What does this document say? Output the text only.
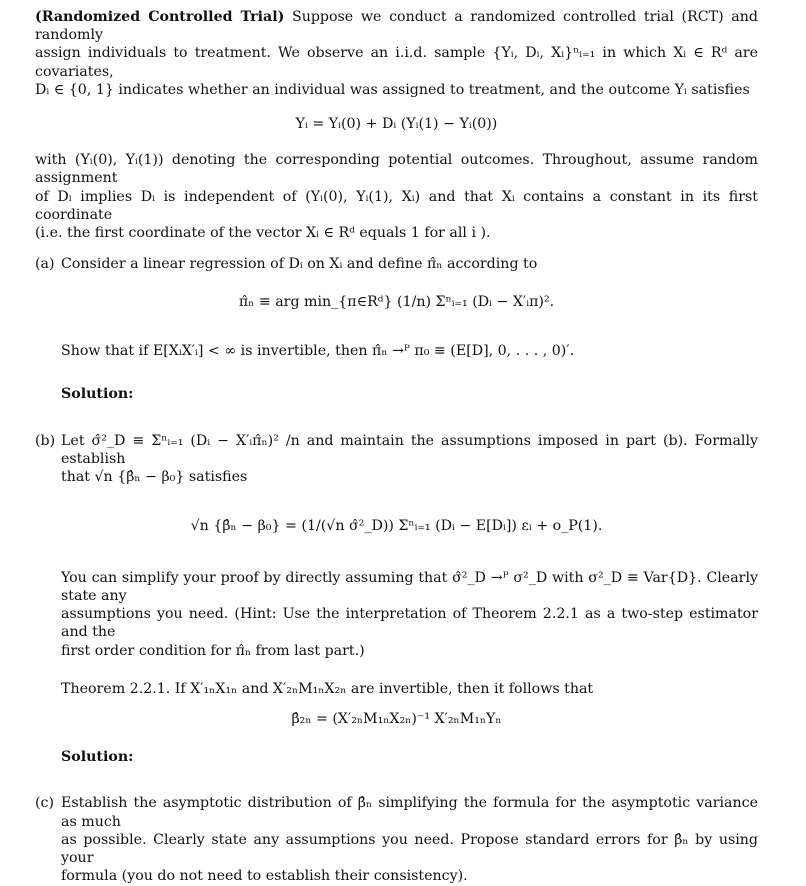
(Randomized Controlled Trial) Suppose we conduct a randomized controlled trial (RCT) and randomly

assign individuals to treatment. We observe an i.i.d. sample {Yᵢ, Dᵢ, Xᵢ}ⁿᵢ₌₁ in which Xᵢ ∈ Rᵈ are covariates,

Dᵢ ∈ {0, 1} indicates whether an individual was assigned to treatment, and the outcome Yᵢ satisfies

Yᵢ = Yᵢ(0) + Dᵢ (Yᵢ(1) − Yᵢ(0))

with (Yᵢ(0), Yᵢ(1)) denoting the corresponding potential outcomes. Throughout, assume random assignment

of Dᵢ implies Dᵢ is independent of (Yᵢ(0), Yᵢ(1), Xᵢ) and that Xᵢ contains a constant in its first coordinate

(i.e. the first coordinate of the vector Xᵢ ∈ Rᵈ equals 1 for all i ).

(a) Consider a linear regression of Dᵢ on Xᵢ and define π̂ₙ according to

π̂ₙ ≡ arg min_{π∈Rᵈ} (1/n) Σⁿᵢ₌₁ (Dᵢ − X′ᵢπ)².

Show that if E[XᵢX′ᵢ] < ∞ is invertible, then π̂ₙ →ᴾ π₀ ≡ (E[D], 0, . . . , 0)′.

Solution:

(b) Let σ̂²_D ≡ Σⁿᵢ₌₁ (Dᵢ − X′ᵢπ̂ₙ)² /n and maintain the assumptions imposed in part (b). Formally establish

that √n {β̂ₙ − β₀} satisfies

√n {β̂ₙ − β₀} = (1/(√n σ̂²_D)) Σⁿᵢ₌₁ (Dᵢ − E[Dᵢ]) εᵢ + o_P(1).

You can simplify your proof by directly assuming that σ̂²_D →ᴾ σ²_D with σ²_D ≡ Var{D}. Clearly state any

assumptions you need. (Hint: Use the interpretation of Theorem 2.2.1 as a two-step estimator and the

first order condition for π̂ₙ from last part.)

Theorem 2.2.1. If X′₁ₙX₁ₙ and X′₂ₙM₁ₙX₂ₙ are invertible, then it follows that

β̂₂ₙ = (X′₂ₙM₁ₙX₂ₙ)⁻¹ X′₂ₙM₁ₙYₙ

Solution:

(c) Establish the asymptotic distribution of β̂ₙ simplifying the formula for the asymptotic variance as much

as possible. Clearly state any assumptions you need. Propose standard errors for β̂ₙ by using your

formula (you do not need to establish their consistency).
